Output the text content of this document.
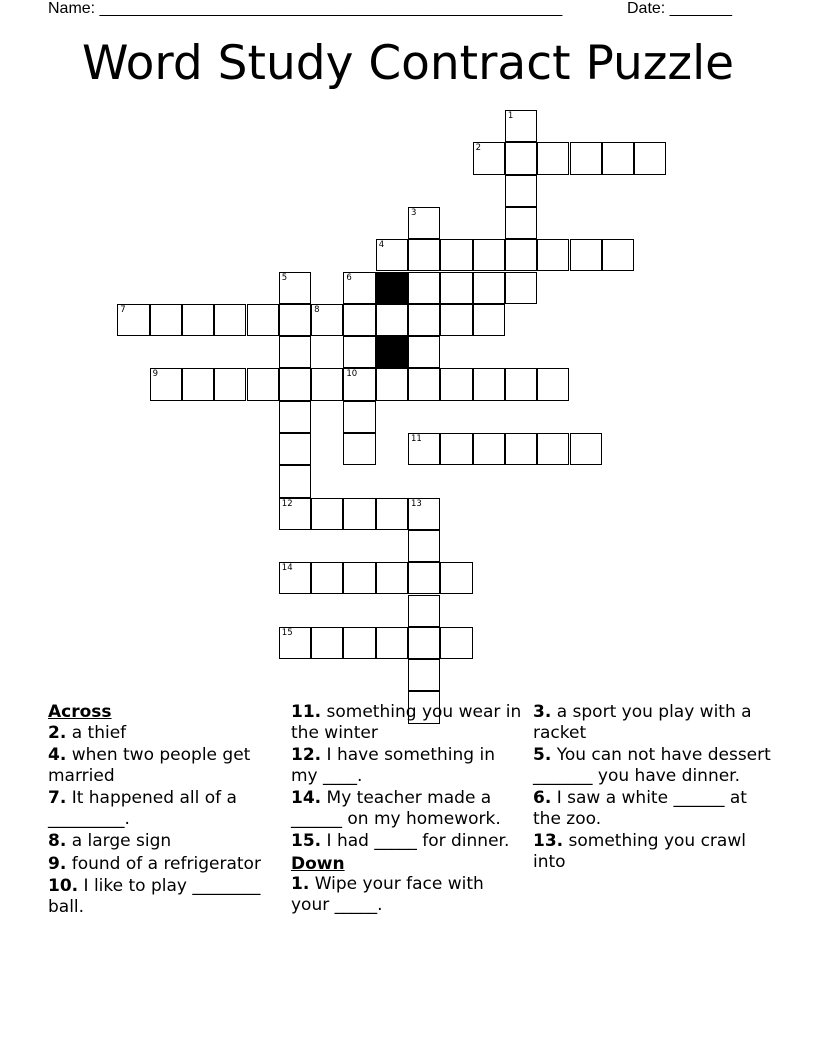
Name: ____________________________________________________	Date: _______
Word Study Contract Puzzle
1
2
4
3
5
7
9
6
10
8
11
12	13
14
15
Across
2. a thief
4. when two people get married
7. It happened all of a _________.
8. a large sign
9. found of a refrigerator
10. I like to play ________ ball.
11. something you wear in the winter
12. I have something in my ____.
14. My teacher made a ______ on my homework.
15. I had _____ for dinner.
Down
1. Wipe your face with your _____.
3. a sport you play with a racket
5. You can not have dessert _______ you have dinner.
6. I saw a white ______ at the zoo.
13. something you crawl into
